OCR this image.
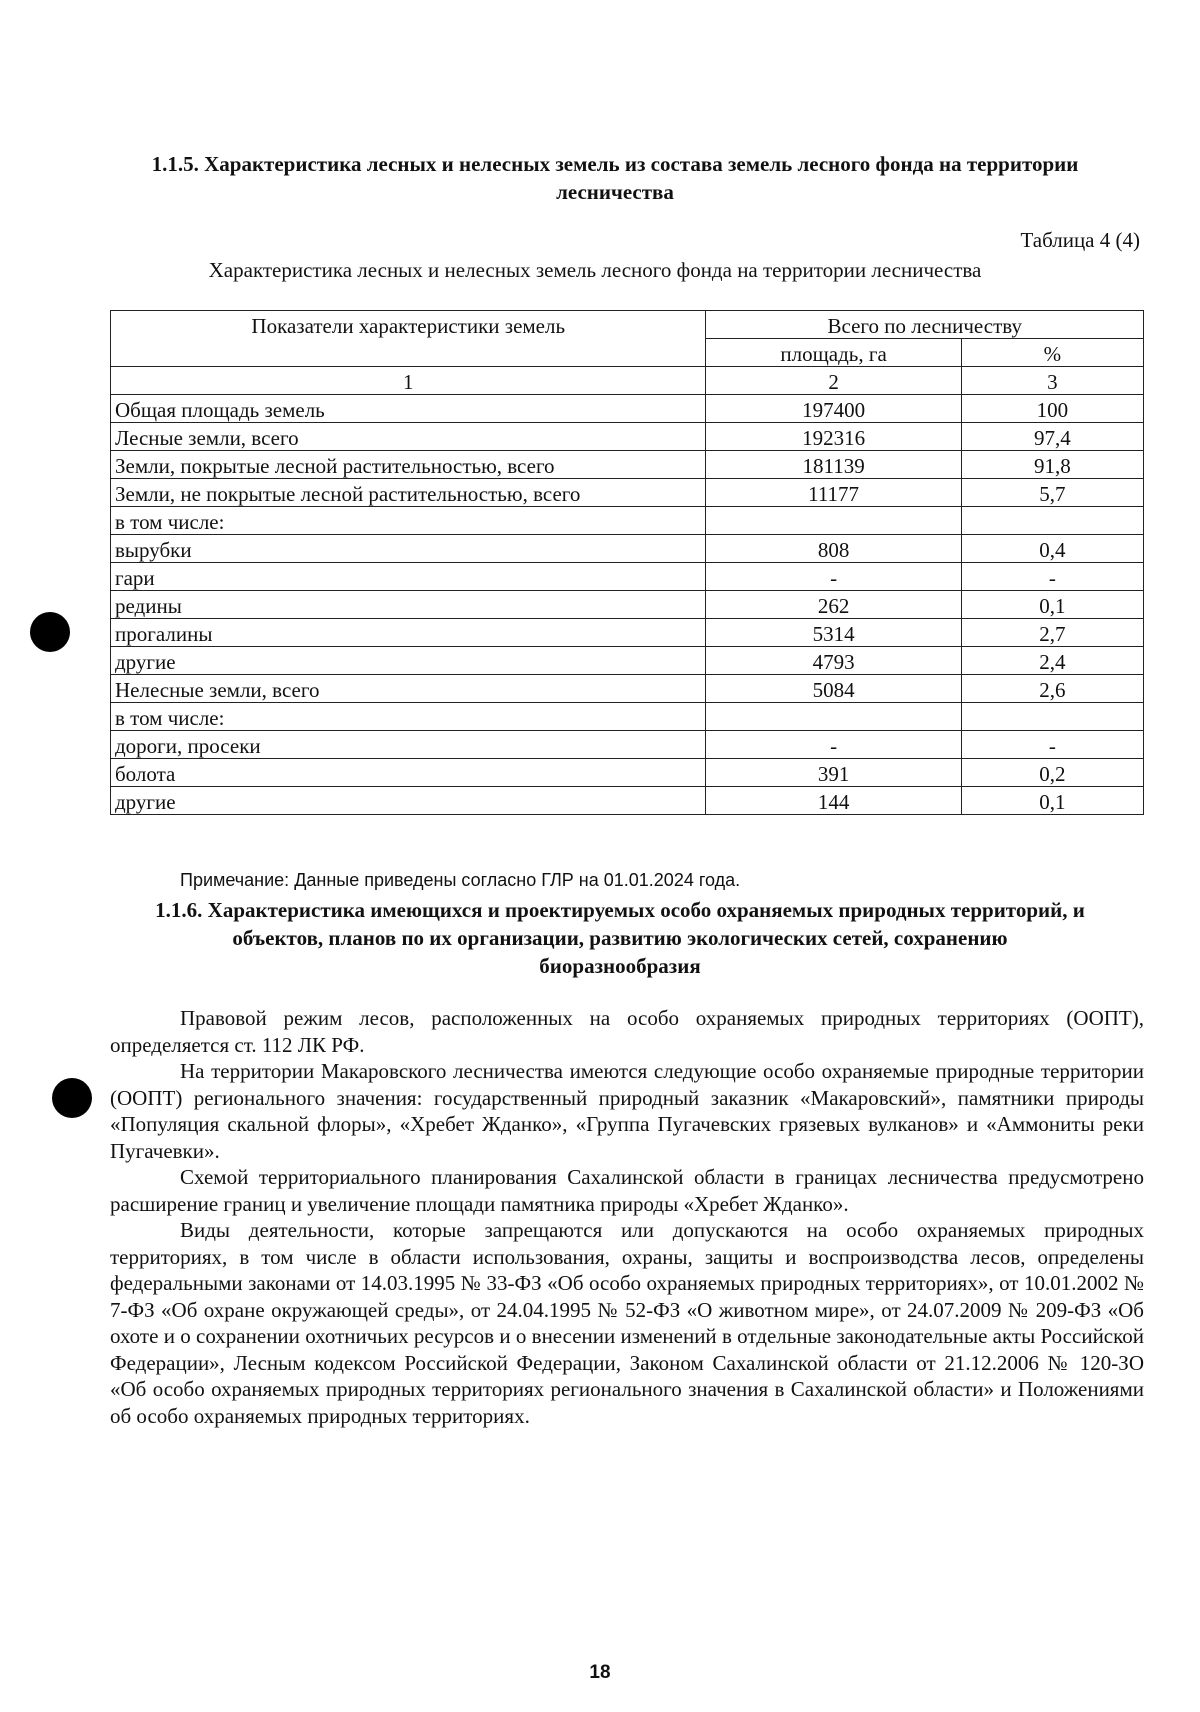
1.1.5. Характеристика лесных и нелесных земель из состава земель лесного фонда на территории лесничества
Таблица 4 (4)
Характеристика лесных и нелесных земель лесного фонда на территории лесничества
Показатели характеристики земель	Всего по лесничеству	
	площадь, га	%
1	2	3
Общая площадь земель	197400	100
Лесные земли, всего	192316	97,4
Земли, покрытые лесной растительностью, всего	181139	91,8
Земли, не покрытые лесной растительностью, всего	11177	5,7
в том числе:		
вырубки	808	0,4
гари	-	-
редины	262	0,1
прогалины	5314	2,7
другие	4793	2,4
Нелесные земли, всего	5084	2,6
в том числе:		
дороги, просеки	-	-
болота	391	0,2
другие	144	0,1
Примечание: Данные приведены согласно ГЛР на 01.01.2024 года.
1.1.6. Характеристика имеющихся и проектируемых особо охраняемых природных территорий, и объектов, планов по их организации, развитию экологических сетей, сохранению биоразнообразия

Правовой режим лесов, расположенных на особо охраняемых природных территориях (ООПТ), определяется ст. 112 ЛК РФ.

На территории Макаровского лесничества имеются следующие особо охраняемые природные территории (ООПТ) регионального значения: государственный природный заказник «Макаровский», памятники природы «Популяция скальной флоры», «Хребет Жданко», «Группа Пугачевских грязевых вулканов» и «Аммониты реки Пугачевки».

Схемой территориального планирования Сахалинской области в границах лесничества предусмотрено расширение границ и увеличение площади памятника природы «Хребет Жданко».

Виды деятельности, которые запрещаются или допускаются на особо охраняемых природных территориях, в том числе в области использования, охраны, защиты и воспроизводства лесов, определены федеральными законами от 14.03.1995 № 33-ФЗ «Об особо охраняемых природных территориях», от 10.01.2002 № 7-ФЗ «Об охране окружающей среды», от 24.04.1995 № 52-ФЗ «О животном мире», от 24.07.2009 № 209-ФЗ «Об охоте и о сохранении охотничьих ресурсов и о внесении изменений в отдельные законодательные акты Российской Федерации», Лесным кодексом Российской Федерации, Законом Сахалинской области от 21.12.2006 № 120-ЗО «Об особо охраняемых природных территориях регионального значения в Сахалинской области» и Положениями об особо охраняемых природных территориях.

18
